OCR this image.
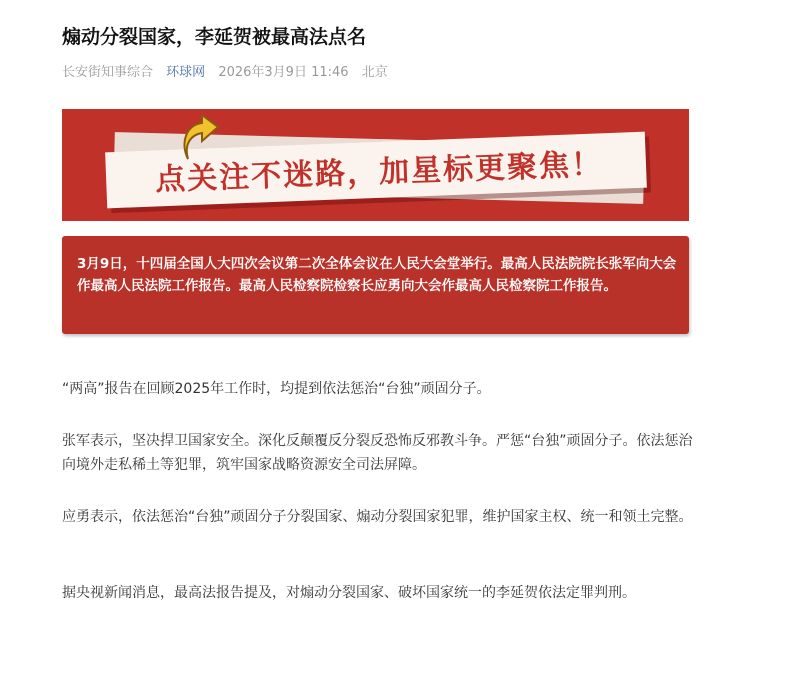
煽动分裂国家，李延贺被最高法点名
长安街知事综合 环球网 2026年3月9日 11:46 北京
点关注不迷路，加星标更聚焦！

3月9日，十四届全国人大四次会议第二次全体会议在人民大会堂举行。最高人民法院院长张军向大会作最高人民法院工作报告。最高人民检察院检察长应勇向大会作最高人民检察院工作报告。

“两高”报告在回顾2025年工作时，均提到依法惩治“台独”顽固分子。

张军表示，坚决捍卫国家安全。深化反颠覆反分裂反恐怖反邪教斗争。严惩“台独”顽固分子。依法惩治向境外走私稀土等犯罪，筑牢国家战略资源安全司法屏障。

应勇表示，依法惩治“台独”顽固分子分裂国家、煽动分裂国家犯罪，维护国家主权、统一和领土完整。

据央视新闻消息，最高法报告提及，对煽动分裂国家、破坏国家统一的李延贺依法定罪判刑。
